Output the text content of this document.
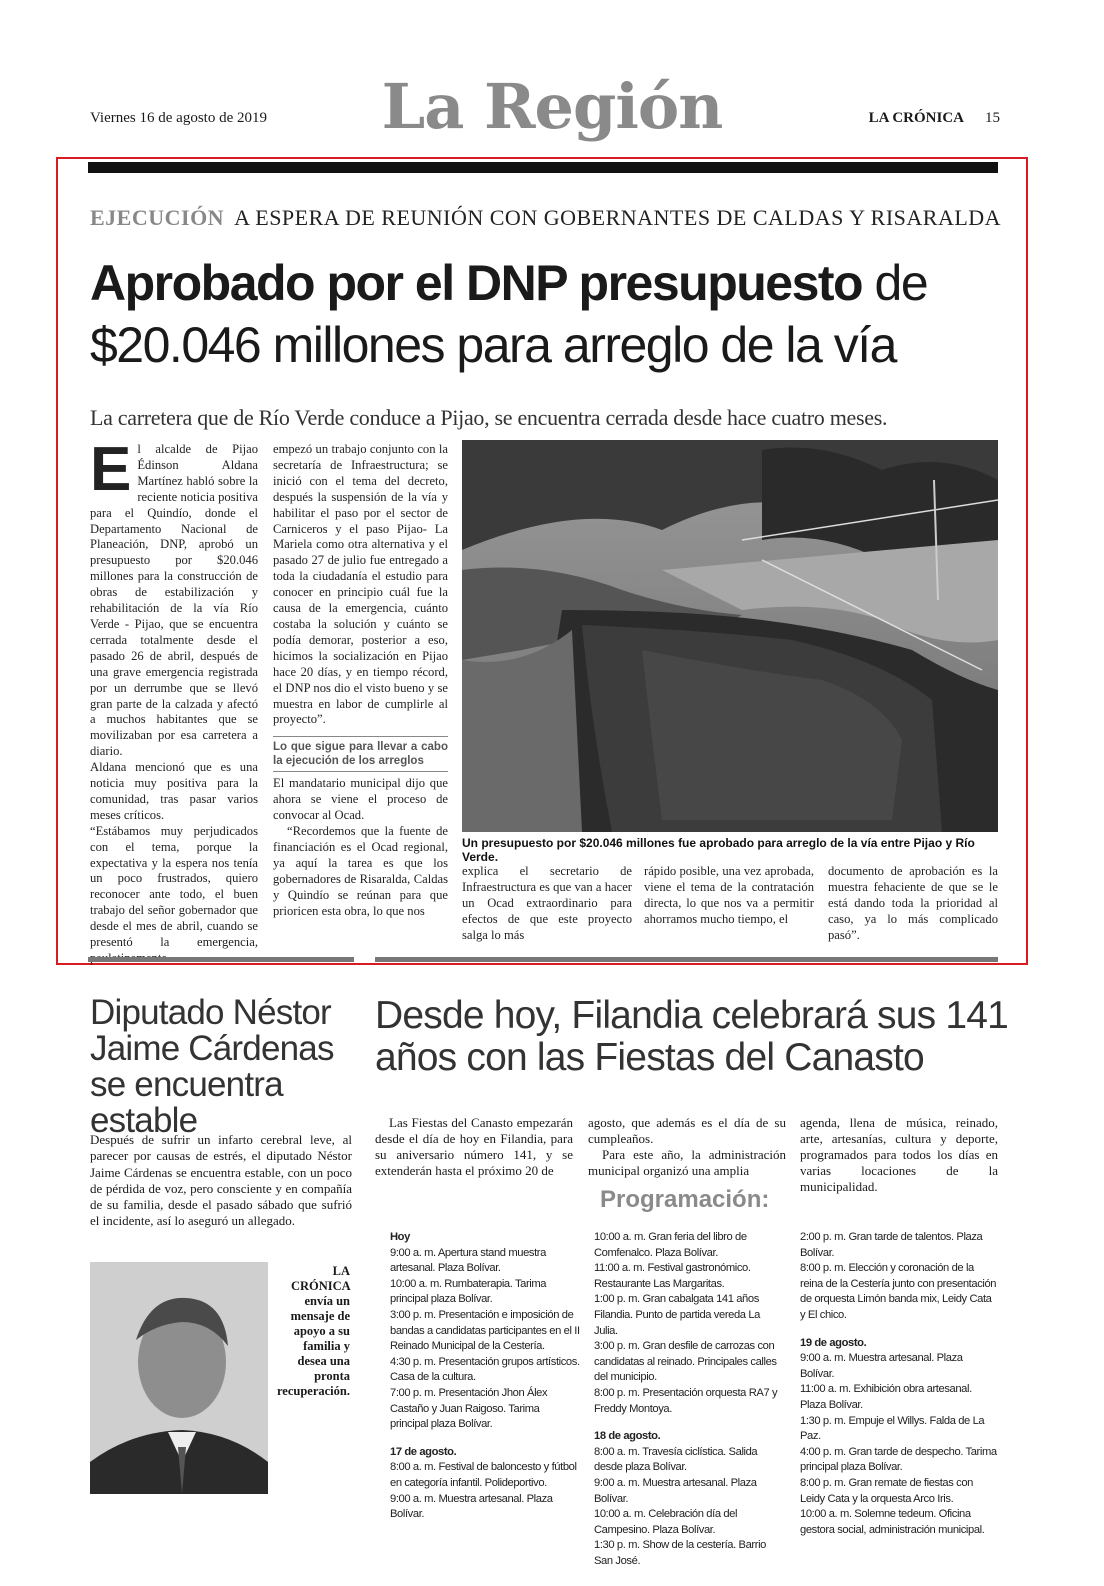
Viernes 16 de agosto de 2019	La Región	LA CRÓNICA 15
EJECUCIÓN A ESPERA DE REUNIÓN CON GOBERNANTES DE CALDAS Y RISARALDA
Aprobado por el DNP presupuesto de
$20.046 millones para arreglo de la vía
La carretera que de Río Verde conduce a Pijao, se encuentra cerrada desde hace cuatro meses.
E l alcalde de Pijao Édinson Aldana Martínez habló sobre la reciente noticia positiva para el Quindío, donde el Departamento Nacional de Planeación, DNP, aprobó un presupuesto por $20.046 millones para la construcción de obras de estabilización y rehabilitación de la vía Río Verde - Pijao, que se encuentra cerrada totalmente desde el pasado 26 de abril, después de una grave emergencia registrada por un derrumbe que se llevó gran parte de la calzada y afectó a muchos habitantes que se movilizaban por esa carretera a diario.
Aldana mencionó que es una noticia muy positiva para la comunidad, tras pasar varios meses críticos.
“Estábamos muy perjudicados con el tema, porque la expectativa y la espera nos tenía un poco frustrados, quiero reconocer ante todo, el buen trabajo del señor gobernador que desde el mes de abril, cuando se presentó la emergencia,
empezó un trabajo conjunto con la secretaría de Infraestructura; se inició con el tema del decreto, después la suspensión de la vía y habilitar el paso por el sector de Carniceros y el paso Pijao- La Mariela como otra alternativa y el pasado 27 de julio fue entregado a toda la ciudadanía el estudio para conocer en principio cuál fue la causa de la emergencia, cuánto costaba la solución y cuánto se podía demorar, posterior a eso, hicimos la socialización en Pijao hace 20 días, y en tiempo récord, el DNP nos dio el visto bueno y se muestra en labor de cumplirle al proyecto”.
Lo que sigue para llevar a cabo la ejecución de los arreglos
El mandatario municipal dijo que ahora se viene el proceso de convocar al Ocad.
“Recordemos que la fuente de financiación es el Ocad regional, ya aquí la tarea es que los gobernadores de Risaralda, Caldas y Quindío se reúnan para que prioricen esta obra, lo que nos
Un presupuesto por $20.046 millones fue aprobado para arreglo de la vía entre Pijao y Río Verde.
explica el secretario de Infraestructura es que van a hacer un Ocad extraordinario para efectos de que este proyecto salga lo más
rápido posible, una vez aprobada, viene el tema de la contratación directa, lo que nos va a permitir ahorramos mucho tiempo, el
documento de aprobación es la muestra fehaciente de que se le está dando toda la prioridad al caso, ya lo más complicado pasó”.
Diputado Néstor Jaime Cárdenas se encuentra estable
Después de sufrir un infarto cerebral leve, al parecer por causas de estrés, el diputado Néstor Jaime Cárdenas se encuentra estable, con un poco de pérdida de voz, pero consciente y en compañía de su familia, desde el pasado sábado que sufrió el incidente, así lo aseguró un allegado.
LA CRÓNICA envía un mensaje de apoyo a su familia y desea una pronta recuperación.
Desde hoy, Filandia celebrará sus 141 años con las Fiestas del Canasto
Las Fiestas del Canasto empezarán desde el día de hoy en Filandia, para su aniversario número 141, y se extenderán hasta el próximo 20 de
agosto, que además es el día de su cumpleaños.
Para este año, la administración municipal organizó una amplia
agenda, llena de música, reinado, arte, artesanías, cultura y deporte, programados para todos los días en varias locaciones de la municipalidad.
Programación:

Hoy

9:00 a. m. Apertura stand muestra artesanal. Plaza Bolívar.

10:00 a. m. Rumbaterapia. Tarima principal plaza Bolívar.

3:00 p. m. Presentación e imposición de bandas a candidatas participantes en el II Reinado Municipal de la Cestería.

4:30 p. m. Presentación grupos artísticos. Casa de la cultura.

7:00 p. m. Presentación Jhon Álex Castaño y Juan Raigoso. Tarima principal plaza Bolívar.

17 de agosto.

8:00 a. m. Festival de baloncesto y fútbol en categoría infantil. Polideportivo.

9:00 a. m. Muestra artesanal. Plaza Bolívar.

10:00 a. m. Gran feria del libro de Comfenalco. Plaza Bolívar.

11:00 a. m. Festival gastronómico. Restaurante Las Margaritas.

1:00 p. m. Gran cabalgata 141 años Filandia. Punto de partida vereda La Julia.

3:00 p. m. Gran desfile de carrozas con candidatas al reinado. Principales calles del municipio.

8:00 p. m. Presentación orquesta RA7 y Freddy Montoya.

18 de agosto.

8:00 a. m. Travesía ciclística. Salida desde plaza Bolívar.

9:00 a. m. Muestra artesanal. Plaza Bolívar.

10:00 a. m. Celebración día del Campesino. Plaza Bolívar.

1:30 p. m. Show de la cestería. Barrio San José.

2:00 p. m. Gran tarde de talentos. Plaza Bolívar.

8:00 p. m. Elección y coronación de la reina de la Cestería junto con presentación de orquesta Limón banda mix, Leidy Cata y El chico.

19 de agosto.

9:00 a. m. Muestra artesanal. Plaza Bolívar.

11:00 a. m. Exhibición obra artesanal. Plaza Bolívar.

1:30 p. m. Empuje el Willys. Falda de La Paz.

4:00 p. m. Gran tarde de despecho. Tarima principal plaza Bolívar.

8:00 p. m. Gran remate de fiestas con Leidy Cata y la orquesta Arco Iris.

10:00 a. m. Solemne tedeum. Oficina gestora social, administración municipal.
